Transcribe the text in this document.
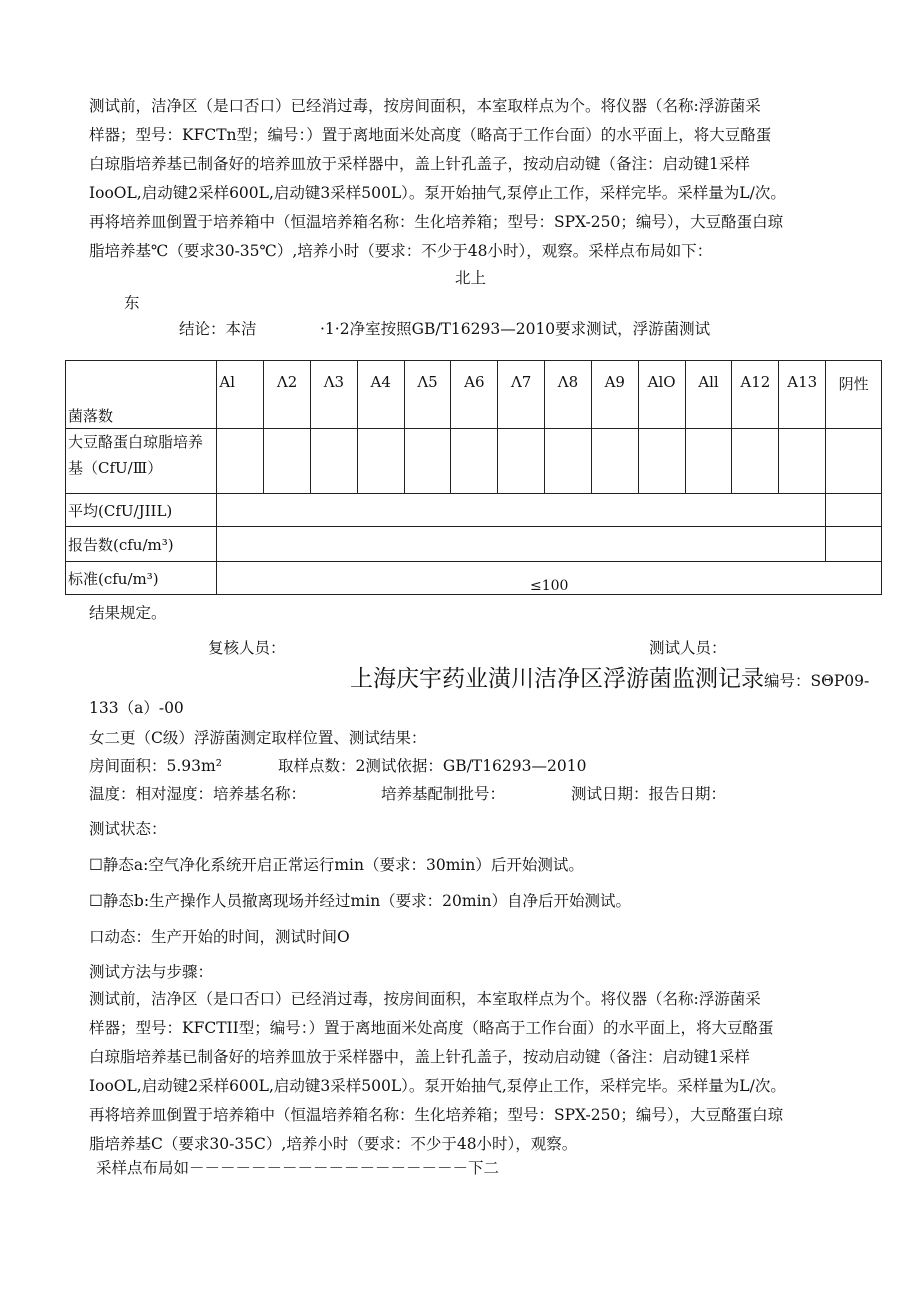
测试前，洁净区（是口否口）已经消过毒，按房间面积，本室取样点为个。将仪器（名称:浮游菌采
样器；型号：KFCTn型；编号：）置于离地面米处高度（略高于工作台面）的水平面上，将大豆酪蛋
白琼脂培养基已制备好的培养皿放于采样器中，盖上针孔盖子，按动启动键（备注：启动键1采样
IooOL,启动键2采样600L,启动键3采样500L）。泵开始抽气,泵停止工作，采样完毕。采样量为L/次。
再将培养皿倒置于培养箱中（恒温培养箱名称：生化培养箱；型号：SPX-250；编号），大豆酪蛋白琼
脂培养基℃（要求30-35℃）,培养小时（要求：不少于48小时），观察。采样点布局如下：
北上
东
结论：本洁	·1·2净室按照GB/T16293—2010要求测试，浮游菌测试
菌落数	Al	Λ2	Λ3	A4	Λ5	A6	Λ7	Λ8	A9	AlO	All	A12	A13	阴性
大豆酪蛋白琼脂培养基（CfU/Ⅲ）														
平均(CfU/JIIL)														
报告数(cfu/m³)														
标准(cfu/m³)	≤100													
结果规定。
复核人员：	测试人员：
上海庆宇药业潢川洁净区浮游菌监测记录编号：SΘP09-
133（a）-00
女二更（C级）浮游菌测定取样位置、测试结果：
房间面积：5.93m²	取样点数：2测试依据：GB/T16293—2010
温度：相对湿度：培养基名称：	培养基配制批号：	测试日期：报告日期：
测试状态：
☐静态a:空气净化系统开启正常运行min（要求：30min）后开始测试。
☐静态b:生产操作人员撤离现场并经过min（要求：20min）自净后开始测试。
口动态：生产开始的时间，测试时间O
测试方法与步骤：
测试前，洁净区（是口否口）已经消过毒，按房间面积，本室取样点为个。将仪器（名称:浮游菌采
样器；型号：KFCTII型；编号：）置于离地面米处高度（略高于工作台面）的水平面上，将大豆酪蛋
白琼脂培养基已制备好的培养皿放于采样器中，盖上针孔盖子，按动启动键（备注：启动键1采样
IooOL,启动键2采样600L,启动键3采样500L）。泵开始抽气,泵停止工作，采样完毕。采样量为L/次。
再将培养皿倒置于培养箱中（恒温培养箱名称：生化培养箱；型号：SPX-250；编号），大豆酪蛋白琼
脂培养基C（要求30-35C）,培养小时（要求：不少于48小时），观察。
采样点布局如－－－－－－－－－－－－－－－－－－下二
